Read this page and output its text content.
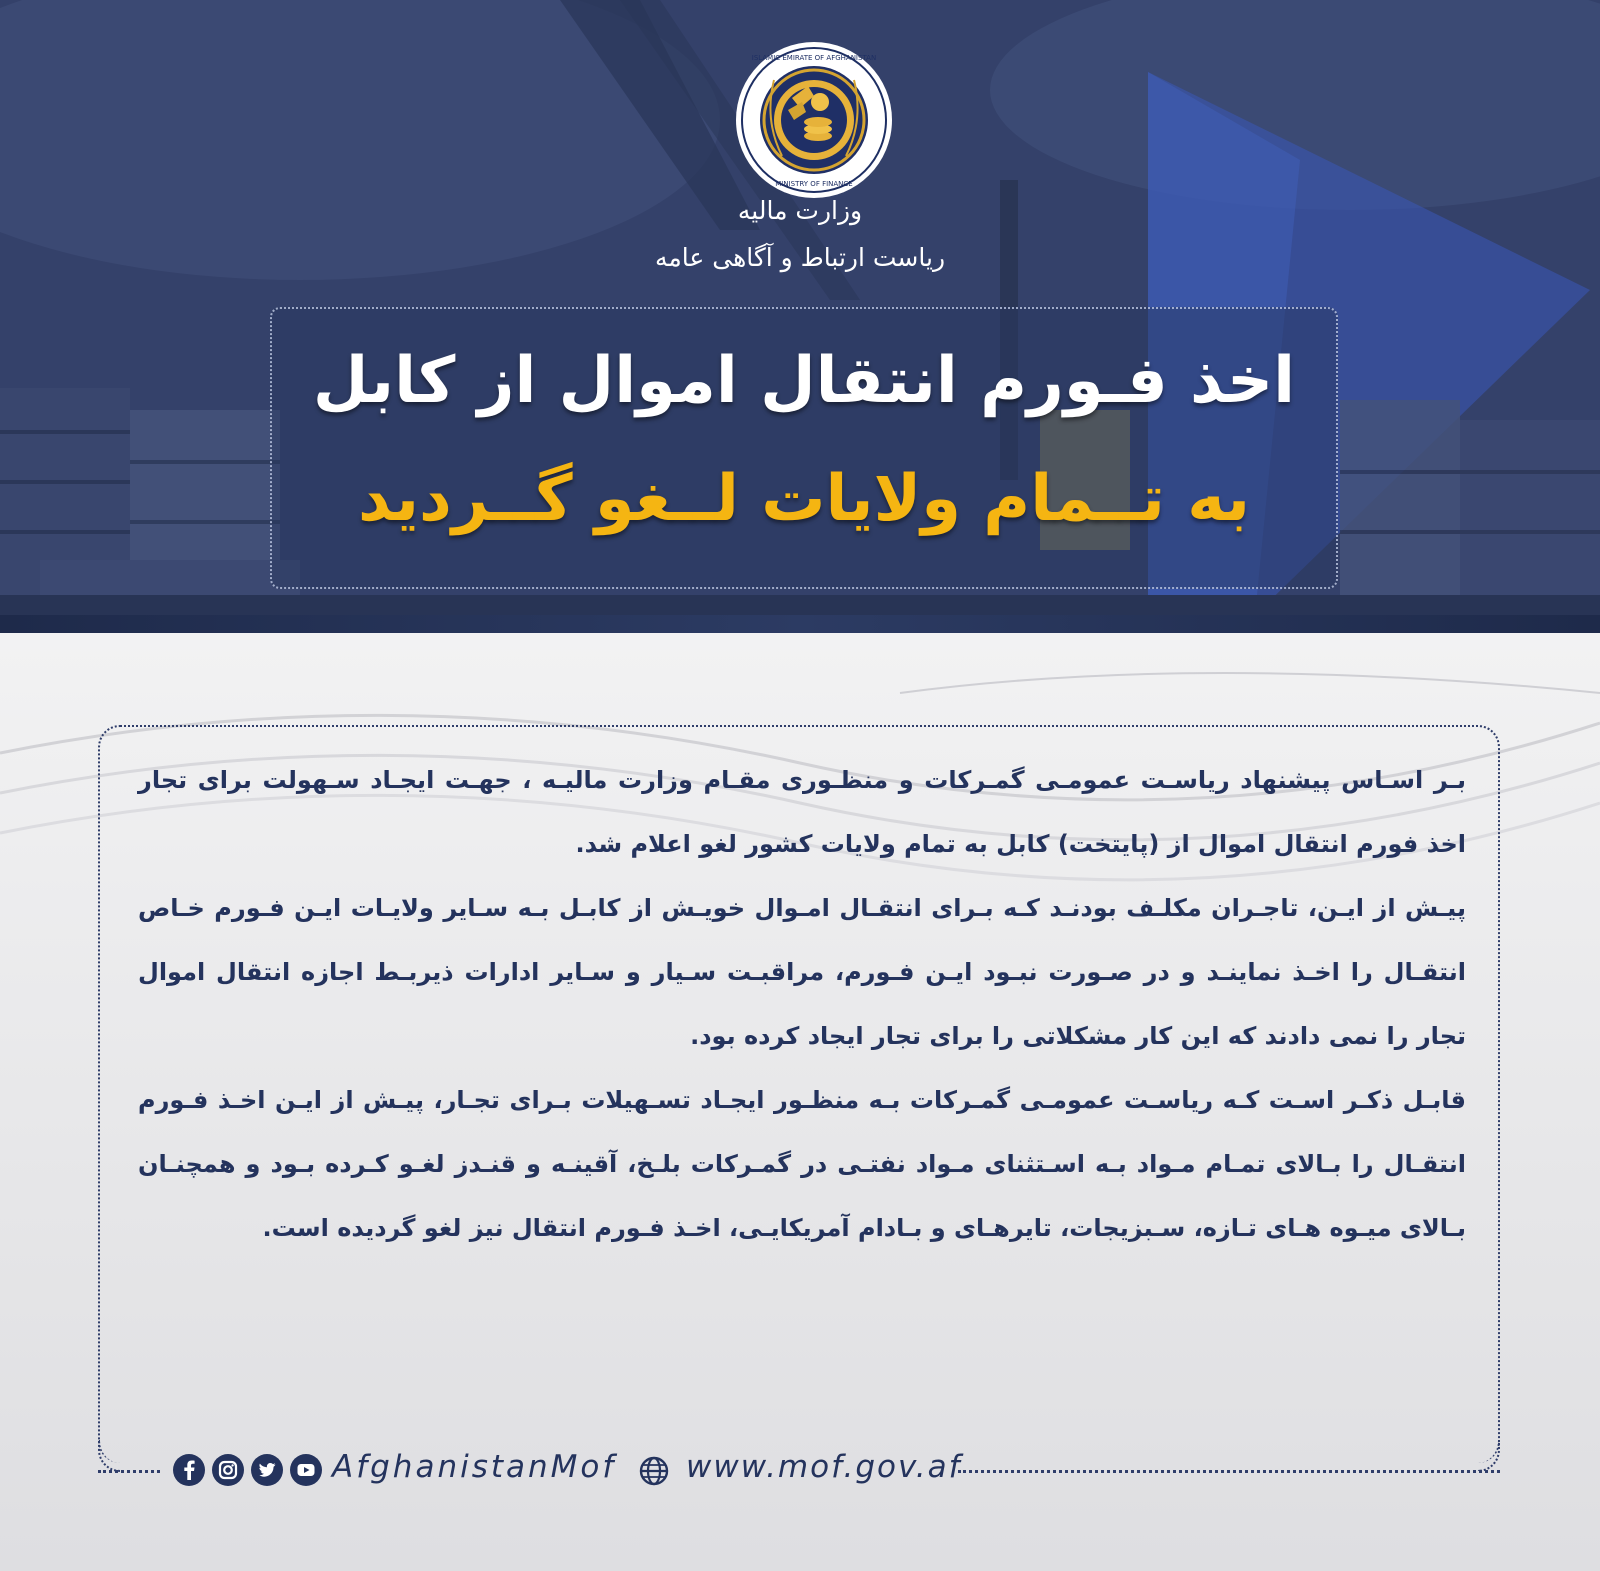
ISLAMIC EMIRATE OF AFGHANISTAN
MINISTRY OF FINANCE
وزارت مالیه
ریاست ارتباط و آگاهی عامه
اخذ فـورم انتقال اموال از کابل
به تــمام ولایات لــغو گــردید

بـر اسـاس پیشنهاد ریاسـت عمومـی گمـرکات و منظـوری مقـام وزارت مالیـه ، جهـت ایجـاد سـهولت برای تجار اخذ فورم انتقال اموال از (پایتخت) کابل به تمام ولایات کشور لغو اعلام شد.

پیـش از ایـن، تاجـران مکلـف بودنـد کـه بـرای انتقـال امـوال خویـش از کابـل بـه سـایر ولایـات ایـن فـورم خـاص انتقـال را اخـذ نماینـد و در صـورت نبـود ایـن فـورم، مراقبـت سـیار و سـایر ادارات ذیربـط اجازه انتقال اموال تجار را نمی دادند که این کار مشکلاتی را برای تجار ایجاد کرده بود.

قابـل ذکـر اسـت کـه ریاسـت عمومـی گمـرکات بـه منظـور ایجـاد تسـهیلات بـرای تجـار، پیـش از ایـن اخـذ فـورم انتقـال را بـالای تمـام مـواد بـه اسـتثنای مـواد نفتـی در گمـرکات بلـخ، آقینـه و قنـدز لغـو کـرده بـود و همچنـان بـالای میـوه هـای تـازه، سـبزیجات، تایرهـای و بـادام آمریکایـی، اخـذ فـورم انتقال نیز لغو گردیده است.

AfghanistanMof www.mof.gov.af
